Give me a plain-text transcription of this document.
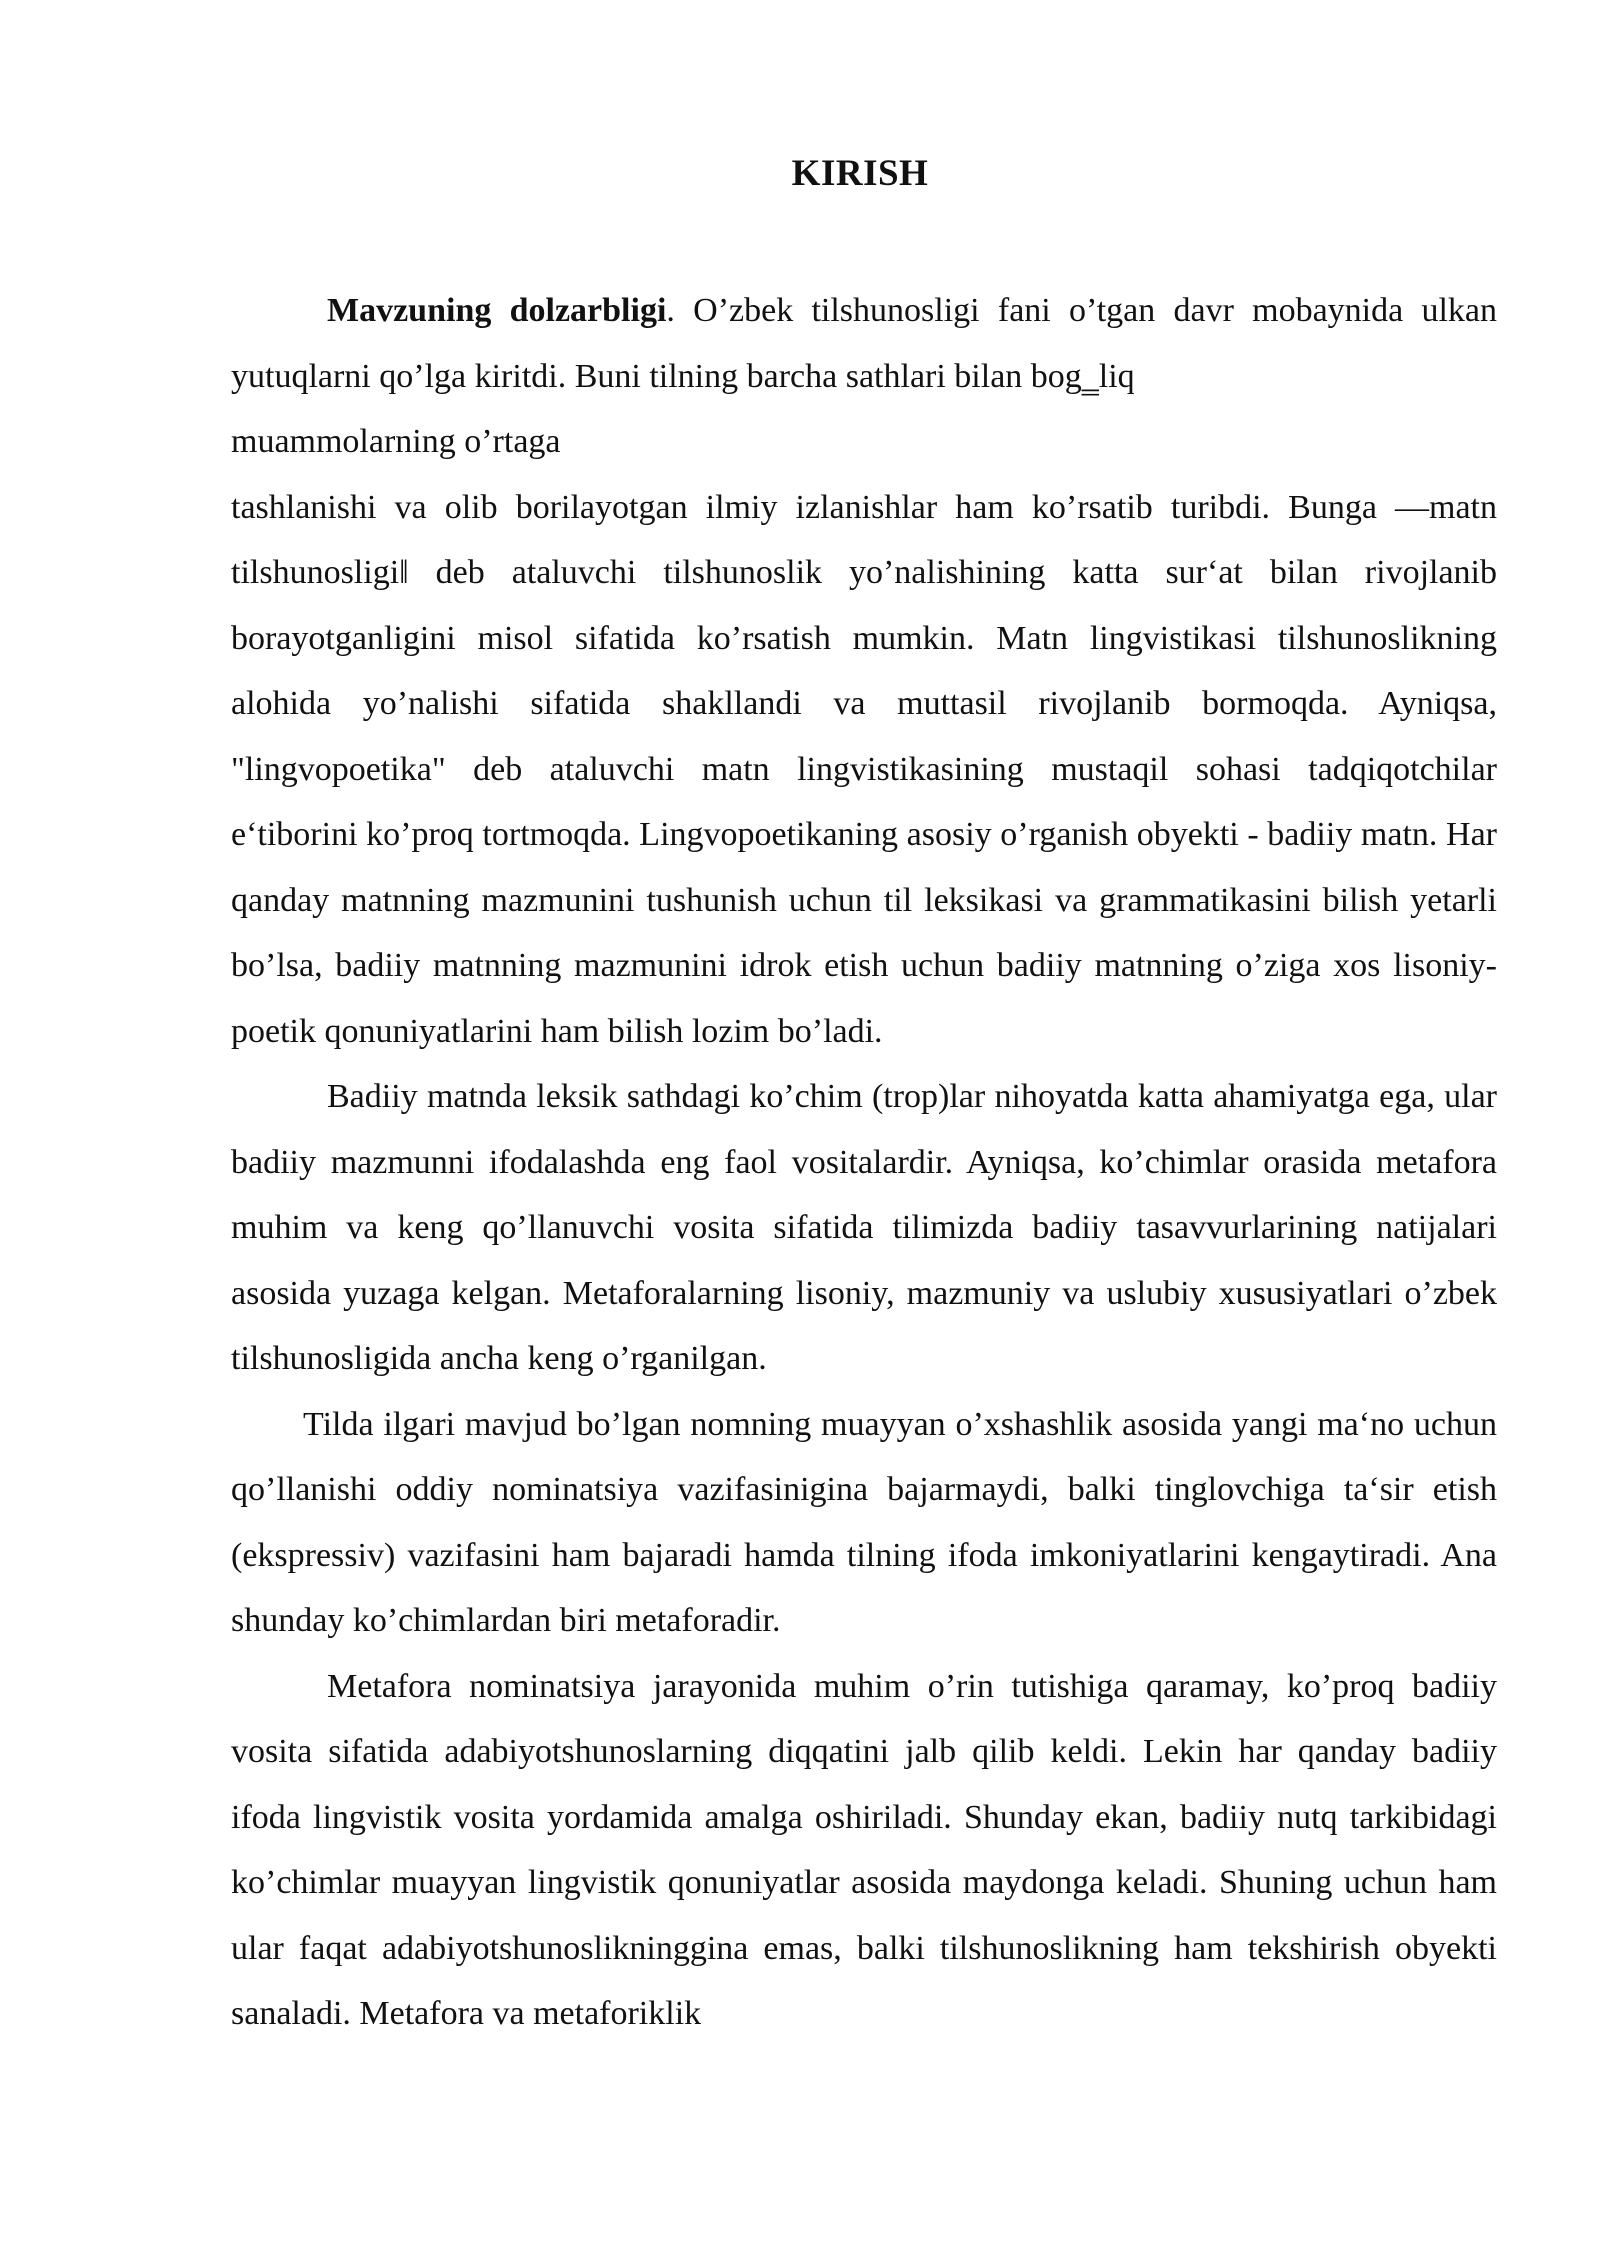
KIRISH

Mavzuning dolzarbligi. O’zbek tilshunosligi fani o’tgan davr mobaynida ulkan yutuqlarni qo’lga kiritdi. Buni tilning barcha sathlari bilan bog‗liq

muammolarning o’rtaga

tashlanishi va olib borilayotgan ilmiy izlanishlar ham ko’rsatib turibdi. Bunga ―matn tilshunosligi‖ deb ataluvchi tilshunoslik yo’nalishining katta sur‘at bilan rivojlanib borayotganligini misol sifatida ko’rsatish mumkin. Matn lingvistikasi tilshunoslikning alohida yo’nalishi sifatida shakllandi va muttasil rivojlanib bormoqda. Ayniqsa, "lingvopoetika" deb ataluvchi matn lingvistikasining mustaqil sohasi tadqiqotchilar e‘tiborini ko’proq tortmoqda. Lingvopoetikaning asosiy o’rganish obyekti - badiiy matn. Har qanday matnning mazmunini tushunish uchun til leksikasi va grammatikasini bilish yetarli bo’lsa, badiiy matnning mazmunini idrok etish uchun badiiy matnning o’ziga xos lisoniy-poetik qonuniyatlarini ham bilish lozim bo’ladi.

Badiiy matnda leksik sathdagi ko’chim (trop)lar nihoyatda katta ahamiyatga ega, ular badiiy mazmunni ifodalashda eng faol vositalardir. Ayniqsa, ko’chimlar orasida metafora muhim va keng qo’llanuvchi vosita sifatida tilimizda badiiy tasavvurlarining natijalari asosida yuzaga kelgan. Metaforalarning lisoniy, mazmuniy va uslubiy xususiyatlari o’zbek tilshunosligida ancha keng o’rganilgan.

Tilda ilgari mavjud bo’lgan nomning muayyan o’xshashlik asosida yangi ma‘no uchun qo’llanishi oddiy nominatsiya vazifasinigina bajarmaydi, balki tinglovchiga ta‘sir etish (ekspressiv) vazifasini ham bajaradi hamda tilning ifoda imkoniyatlarini kengaytiradi. Ana shunday ko’chimlardan biri metaforadir.

Metafora nominatsiya jarayonida muhim o’rin tutishiga qaramay, ko’proq badiiy vosita sifatida adabiyotshunoslarning diqqatini jalb qilib keldi. Lekin har qanday badiiy ifoda lingvistik vosita yordamida amalga oshiriladi. Shunday ekan, badiiy nutq tarkibidagi ko’chimlar muayyan lingvistik qonuniyatlar asosida maydonga keladi. Shuning uchun ham ular faqat adabiyotshunoslikninggina emas, balki tilshunoslikning ham tekshirish obyekti sanaladi. Metafora va metaforiklik
